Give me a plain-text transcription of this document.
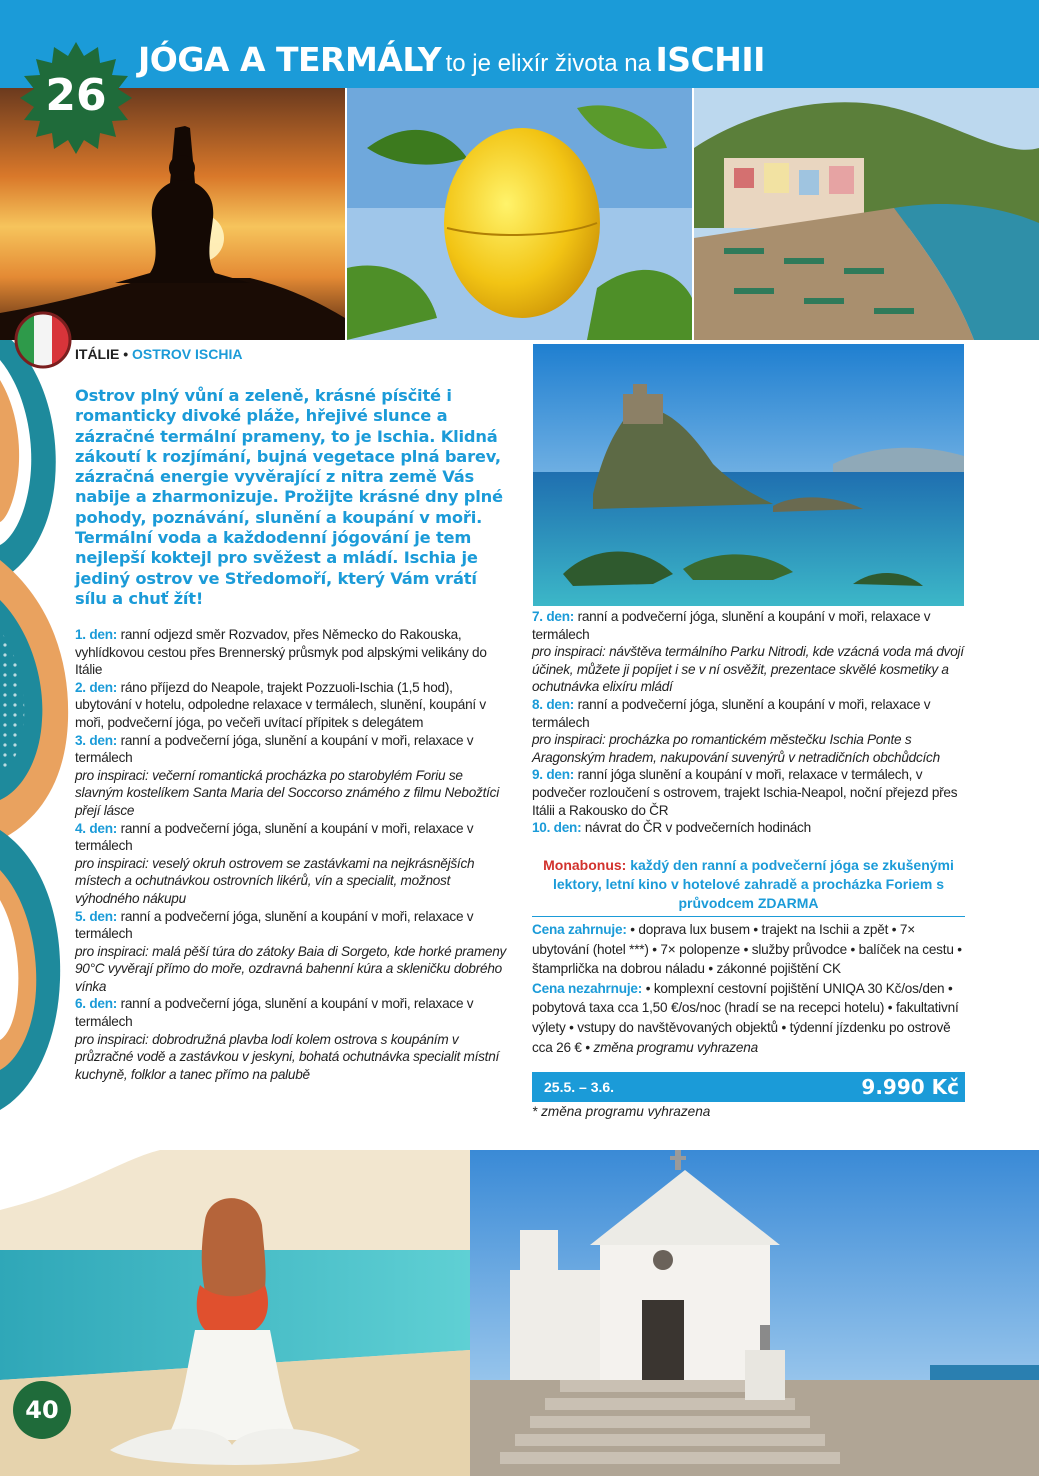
JÓGA A TERMÁLY to je elixír života na ISCHII
26
ITÁLIE • OSTROV ISCHIA
Ostrov plný vůní a zeleně, krásné písčité i romanticky divoké pláže, hřejivé slunce a zázračné termální prameny, to je Ischia. Klidná zákoutí k rozjímání, bujná vegetace plná barev, zázračná energie vyvěrající z nitra země Vás nabije a zharmonizuje. Prožijte krásné dny plné pohody, poznávání, slunění a koupání v moři. Termální voda a každodenní jógování je tem nejlepší koktejl pro svěžest a mládí. Ischia je jediný ostrov ve Středomoří, který Vám vrátí sílu a chuť žít!

1. den: ranní odjezd směr Rozvadov, přes Německo do Rakouska, vyhlídkovou cestou přes Brennerský průsmyk pod alpskými velikány do Itálie

2. den: ráno příjezd do Neapole, trajekt Pozzuoli-Ischia (1,5 hod), ubytování v hotelu, odpoledne relaxace v termálech, slunění, koupání v moři, podvečerní jóga, po večeři uvítací přípitek s delegátem

3. den: ranní a podvečerní jóga, slunění a koupání v moři, relaxace v termálech

pro inspiraci: večerní romantická procházka po starobylém Foriu se slavným kostelíkem Santa Maria del Soccorso známého z filmu Nebožtíci přejí lásce

4. den: ranní a podvečerní jóga, slunění a koupání v moři, relaxace v termálech

pro inspiraci: veselý okruh ostrovem se zastávkami na nejkrásnějších místech a ochutnávkou ostrovních likérů, vín a specialit, možnost výhodného nákupu

5. den: ranní a podvečerní jóga, slunění a koupání v moři, relaxace v termálech

pro inspiraci: malá pěší túra do zátoky Baia di Sorgeto, kde horké prameny 90°C vyvěrají přímo do moře, ozdravná bahenní kúra a skleničku dobrého vínka

6. den: ranní a podvečerní jóga, slunění a koupání v moři, relaxace v termálech

pro inspiraci: dobrodružná plavba lodí kolem ostrova s koupáním v průzračné vodě a zastávkou v jeskyni, bohatá ochutnávka specialit místní kuchyně, folklor a tanec přímo na palubě

7. den: ranní a podvečerní jóga, slunění a koupání v moři, relaxace v termálech

pro inspiraci: návštěva termálního Parku Nitrodi, kde vzácná voda má dvojí účinek, můžete ji popíjet i se v ní osvěžit, prezentace skvělé kosmetiky a ochutnávka elixíru mládí

8. den: ranní a podvečerní jóga, slunění a koupání v moři, relaxace v termálech

pro inspiraci: procházka po romantickém městečku Ischia Ponte s Aragonským hradem, nakupování suvenýrů v netradičních obchůdcích

9. den: ranní jóga slunění a koupání v moři, relaxace v termálech, v podvečer rozloučení s ostrovem, trajekt Ischia-Neapol, noční přejezd přes Itálii a Rakousko do ČR

10. den: návrat do ČR v podvečerních hodinách

Monabonus: každý den ranní a podvečerní jóga se zkušenými lektory, letní kino v hotelové zahradě a procházka Foriem s průvodcem ZDARMA
Cena zahrnuje: • doprava lux busem • trajekt na Ischii a zpět • 7× ubytování (hotel ***) • 7× polopenze • služby průvodce • balíček na cestu • štamprlička na dobrou náladu • zákonné pojištění CK
Cena nezahrnuje: • komplexní cestovní pojištění UNIQA 30 Kč/os/den • pobytová taxa cca 1,50 €/os/noc (hradí se na recepci hotelu) • fakultativní výlety • vstupy do navštěvovaných objektů • týdenní jízdenku po ostrově cca 26 € • změna programu vyhrazena
25.5. – 3.6.	9.990 Kč
* změna programu vyhrazena
40
